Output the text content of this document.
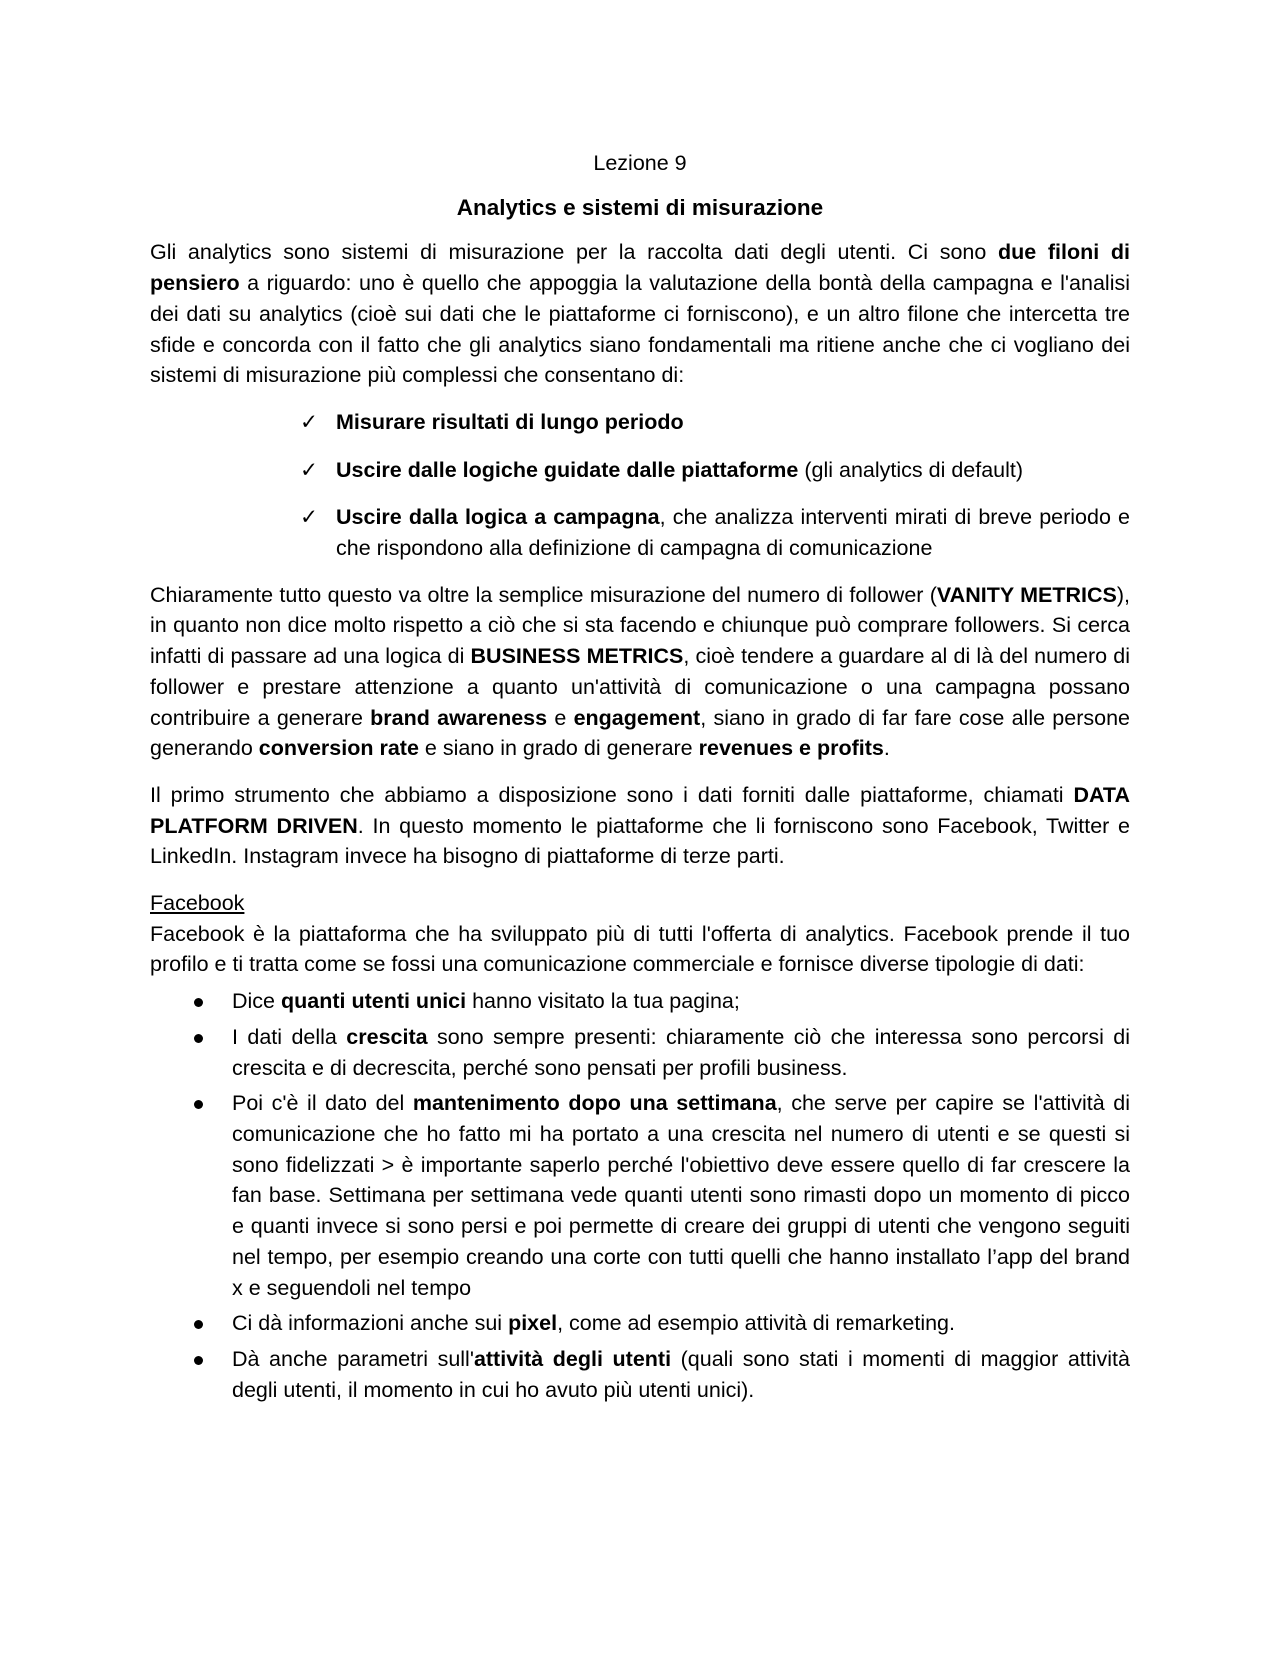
Lezione 9
Analytics e sistemi di misurazione

Gli analytics sono sistemi di misurazione per la raccolta dati degli utenti. Ci sono due filoni di pensiero a riguardo: uno è quello che appoggia la valutazione della bontà della campagna e l'analisi dei dati su analytics (cioè sui dati che le piattaforme ci forniscono), e un altro filone che intercetta tre sfide e concorda con il fatto che gli analytics siano fondamentali ma ritiene anche che ci vogliano dei sistemi di misurazione più complessi che consentano di:

✓ Misurare risultati di lungo periodo
✓ Uscire dalle logiche guidate dalle piattaforme (gli analytics di default)
✓ Uscire dalla logica a campagna, che analizza interventi mirati di breve periodo e che rispondono alla definizione di campagna di comunicazione

Chiaramente tutto questo va oltre la semplice misurazione del numero di follower (VANITY METRICS), in quanto non dice molto rispetto a ciò che si sta facendo e chiunque può comprare followers. Si cerca infatti di passare ad una logica di BUSINESS METRICS, cioè tendere a guardare al di là del numero di follower e prestare attenzione a quanto un'attività di comunicazione o una campagna possano contribuire a generare brand awareness e engagement, siano in grado di far fare cose alle persone generando conversion rate e siano in grado di generare revenues e profits.

Il primo strumento che abbiamo a disposizione sono i dati forniti dalle piattaforme, chiamati DATA PLATFORM DRIVEN. In questo momento le piattaforme che li forniscono sono Facebook, Twitter e LinkedIn. Instagram invece ha bisogno di piattaforme di terze parti.

Facebook

Facebook è la piattaforma che ha sviluppato più di tutti l'offerta di analytics. Facebook prende il tuo profilo e ti tratta come se fossi una comunicazione commerciale e fornisce diverse tipologie di dati:

Dice quanti utenti unici hanno visitato la tua pagina;
I dati della crescita sono sempre presenti: chiaramente ciò che interessa sono percorsi di crescita e di decrescita, perché sono pensati per profili business.
Poi c'è il dato del mantenimento dopo una settimana, che serve per capire se l'attività di comunicazione che ho fatto mi ha portato a una crescita nel numero di utenti e se questi si sono fidelizzati > è importante saperlo perché l'obiettivo deve essere quello di far crescere la fan base. Settimana per settimana vede quanti utenti sono rimasti dopo un momento di picco e quanti invece si sono persi e poi permette di creare dei gruppi di utenti che vengono seguiti nel tempo, per esempio creando una corte con tutti quelli che hanno installato l’app del brand x e seguendoli nel tempo
Ci dà informazioni anche sui pixel, come ad esempio attività di remarketing.
Dà anche parametri sull'attività degli utenti (quali sono stati i momenti di maggior attività degli utenti, il momento in cui ho avuto più utenti unici).
